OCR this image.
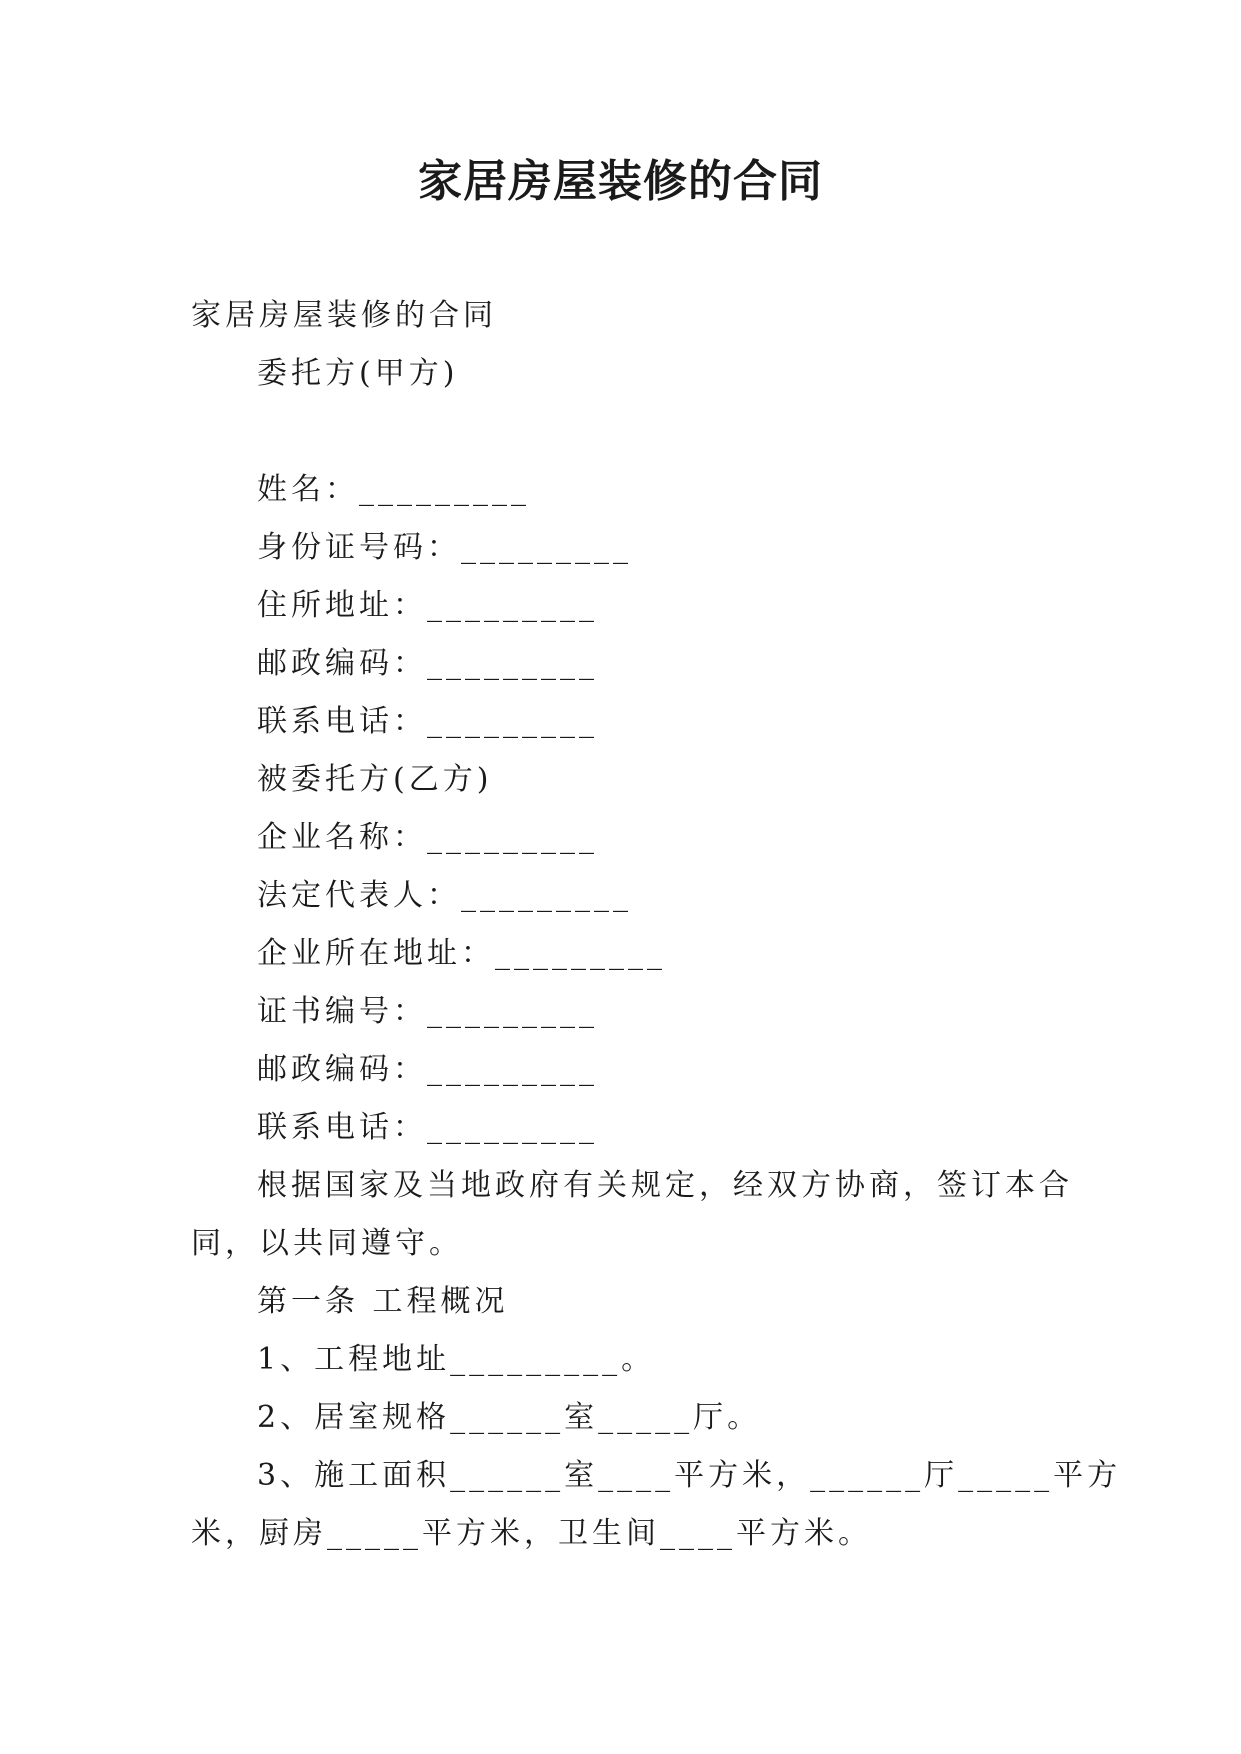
家居房屋装修的合同
家居房屋装修的合同
委托方(甲方)
姓名：_________
身份证号码：_________
住所地址：_________
邮政编码：_________
联系电话：_________
被委托方(乙方)
企业名称：_________
法定代表人：_________
企业所在地址：_________
证书编号：_________
邮政编码：_________
联系电话：_________
根据国家及当地政府有关规定，经双方协商，签订本合
同，以共同遵守。
第一条 工程概况
1、工程地址_________。
2、居室规格______室_____厅。
3、施工面积______室____平方米，______厅_____平方
米，厨房_____平方米，卫生间____平方米。
